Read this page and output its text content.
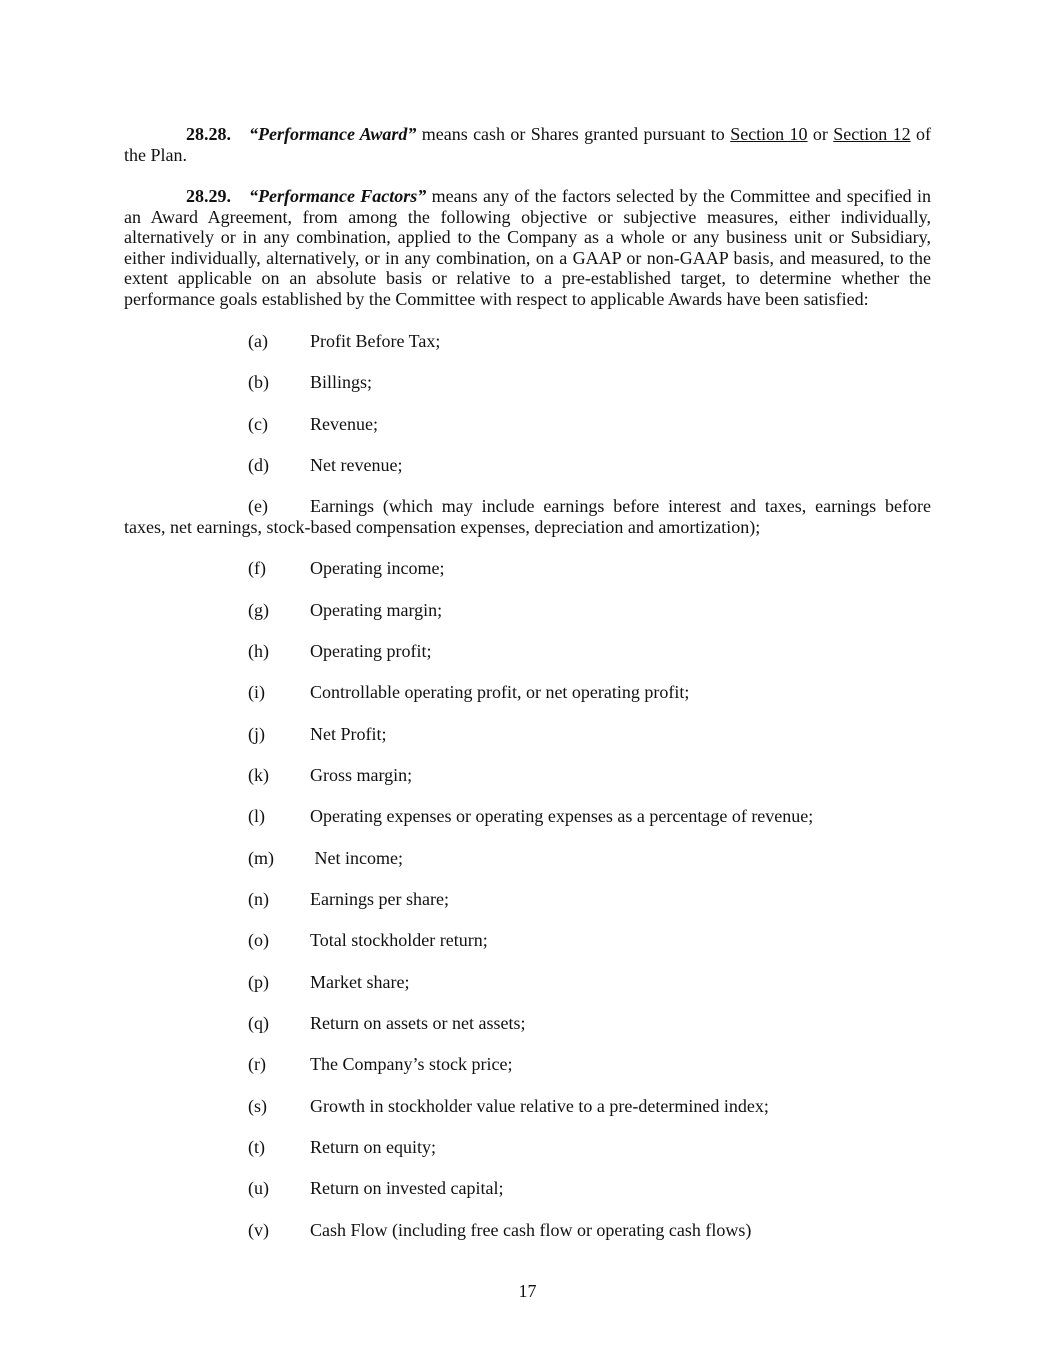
28.28. “Performance Award” means cash or Shares granted pursuant to Section 10 or Section 12 of the Plan.

28.29. “Performance Factors” means any of the factors selected by the Committee and specified in an Award Agreement, from among the following objective or subjective measures, either individually, alternatively or in any combination, applied to the Company as a whole or any business unit or Subsidiary, either individually, alternatively, or in any combination, on a GAAP or non-GAAP basis, and measured, to the extent applicable on an absolute basis or relative to a pre-established target, to determine whether the performance goals established by the Committee with respect to applicable Awards have been satisfied:

(a) Profit Before Tax;

(b) Billings;

(c) Revenue;

(d) Net revenue;

(e) Earnings (which may include earnings before interest and taxes, earnings before taxes, net earnings, stock-based compensation expenses, depreciation and amortization);

(f) Operating income;

(g) Operating margin;

(h) Operating profit;

(i)	Controllable operating profit, or net operating profit;

(j)	Net Profit;

(k) Gross margin;

(l)	Operating expenses or operating expenses as a percentage of revenue;

(m) Net income;

(n) Earnings per share;

(o) Total stockholder return;

(p) Market share;

(q) Return on assets or net assets;

(r) The Company’s stock price;

(s) Growth in stockholder value relative to a pre-determined index;

(t)	Return on equity;

(u) Return on invested capital;

(v) Cash Flow (including free cash flow or operating cash flows)

17
